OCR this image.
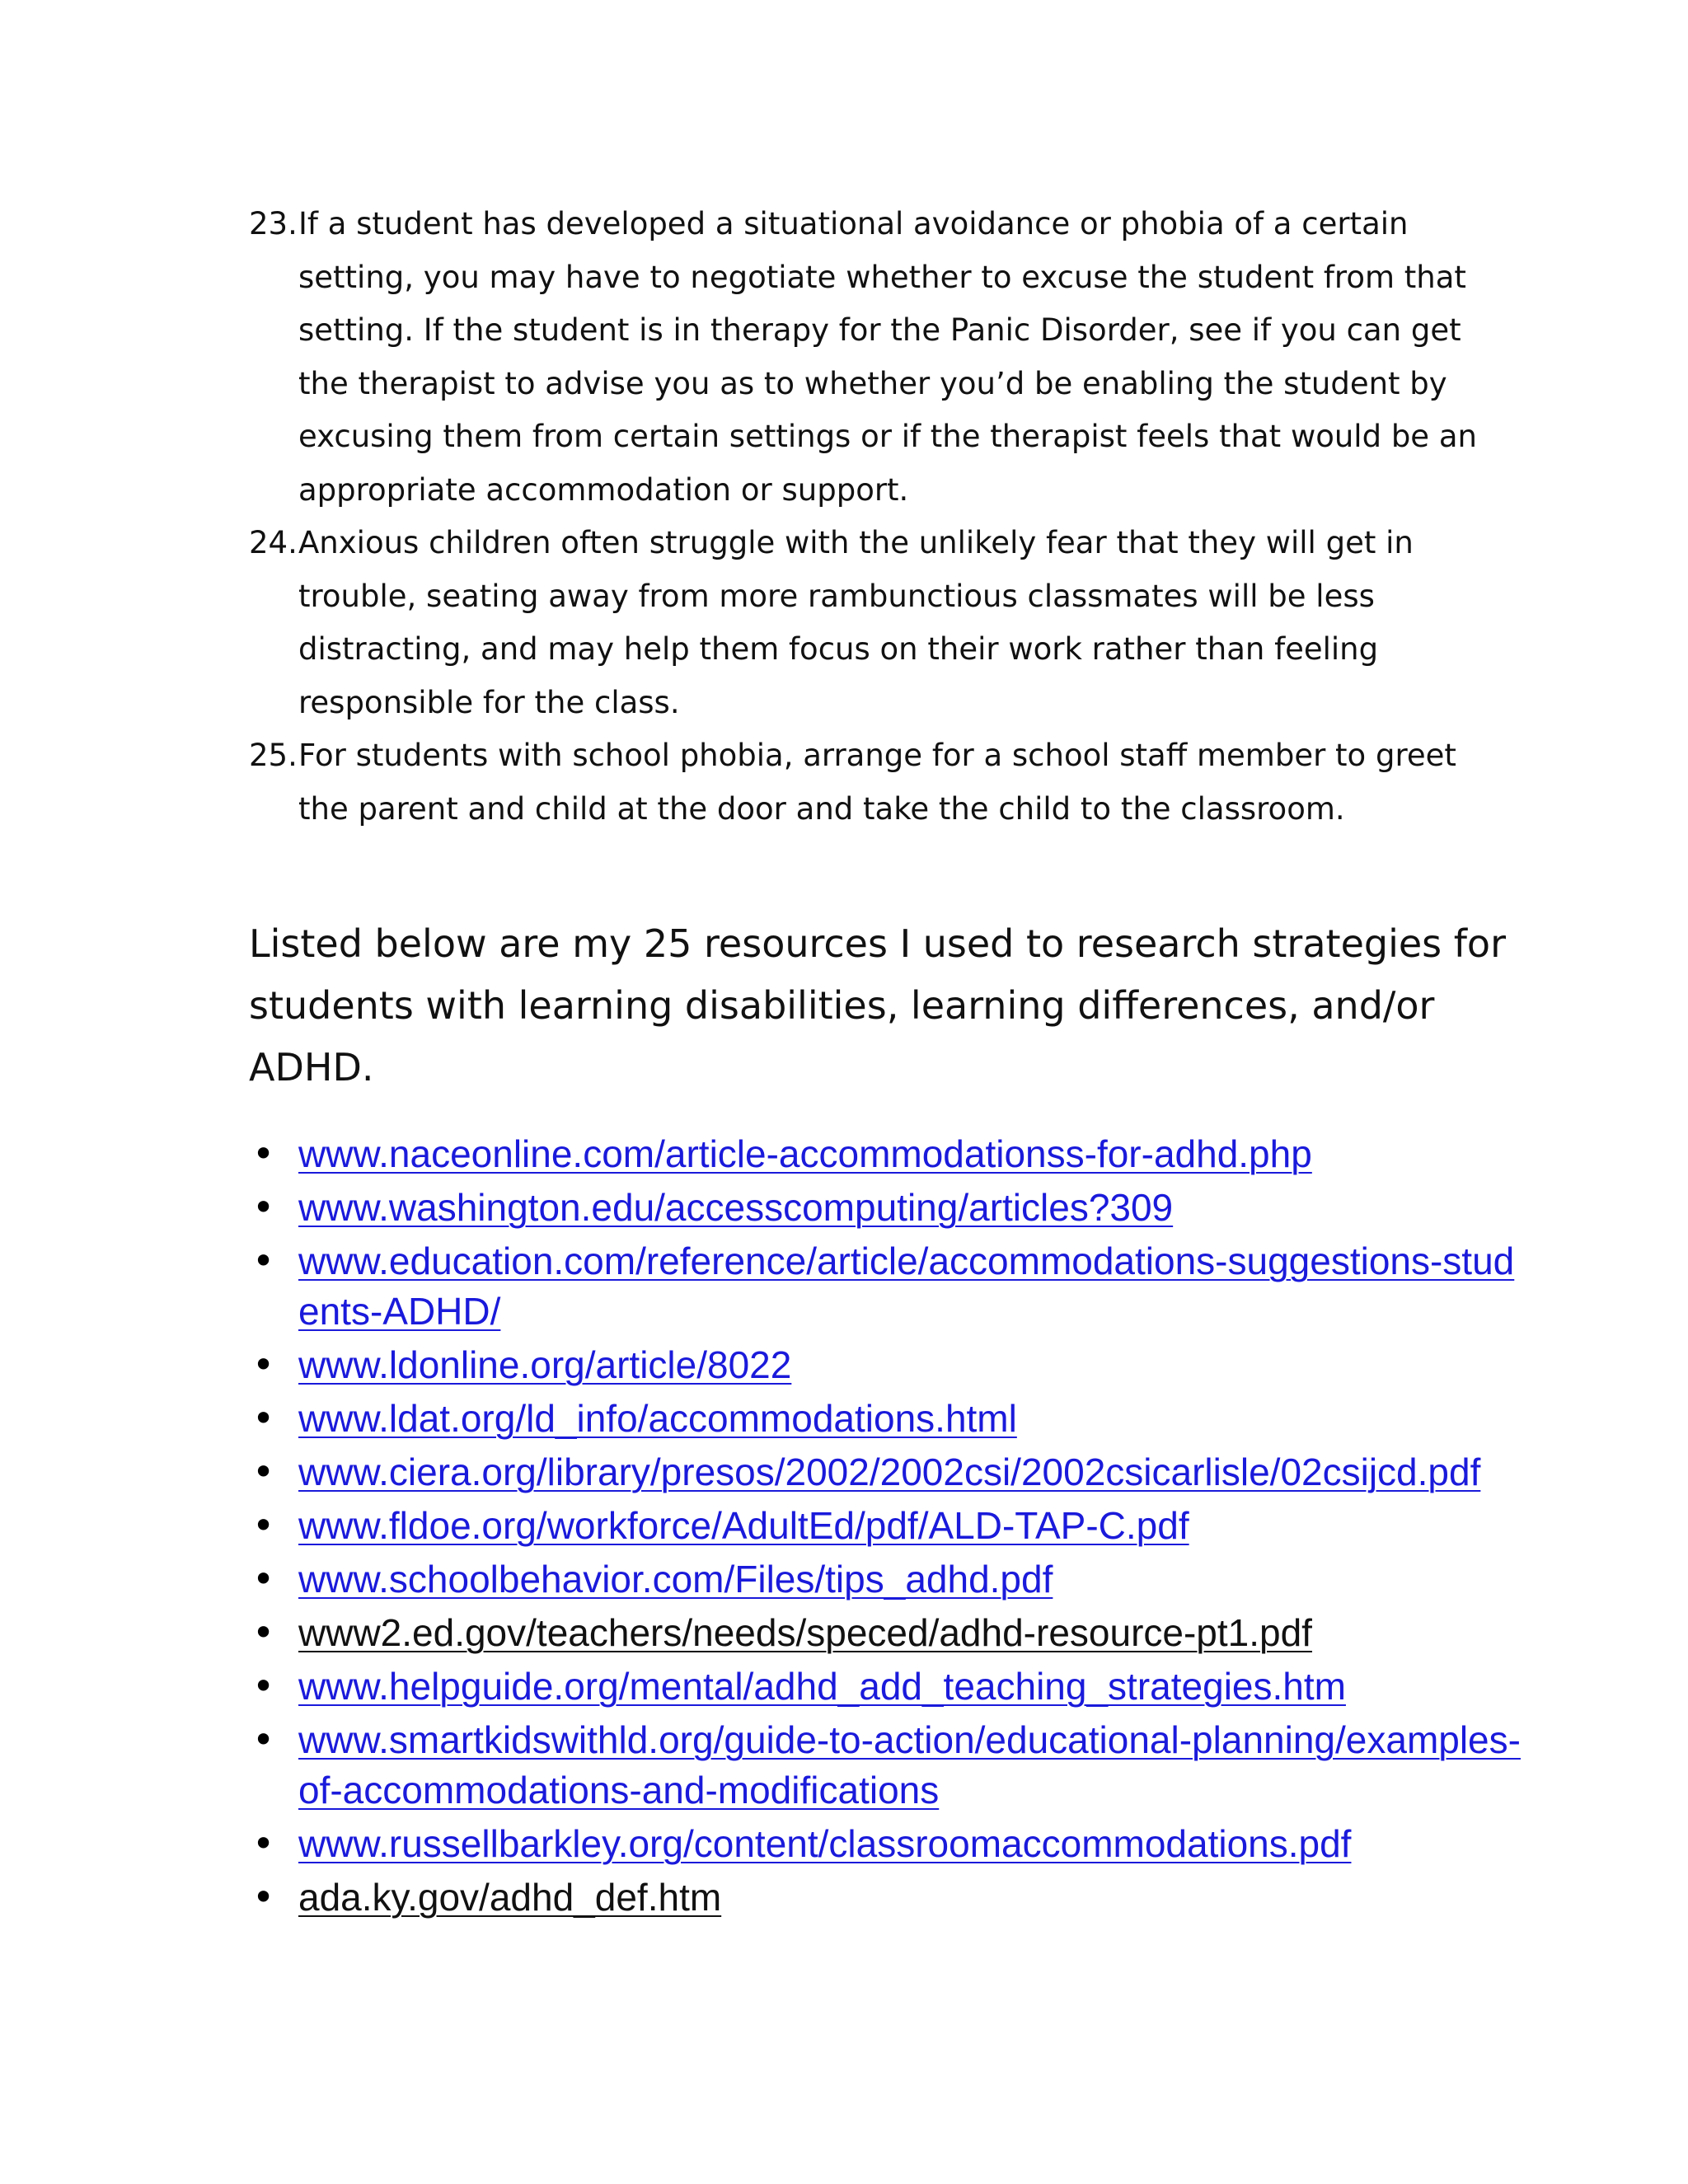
23. If a student has developed a situational avoidance or phobia of a certain setting, you may have to negotiate whether to excuse the student from that setting. If the student is in therapy for the Panic Disorder, see if you can get the therapist to advise you as to whether you’d be enabling the student by excusing them from certain settings or if the therapist feels that would be an appropriate accommodation or support.
24. Anxious children often struggle with the unlikely fear that they will get in trouble, seating away from more rambunctious classmates will be less distracting, and may help them focus on their work rather than feeling responsible for the class.
25. For students with school phobia, arrange for a school staff member to greet the parent and child at the door and take the child to the classroom.
Listed below are my 25 resources I used to research strategies for students with learning disabilities, learning differences, and/or ADHD.
• www.naceonline.com/article-accommodationss-for-adhd.php
• www.washington.edu/accesscomputing/articles?309
• www.education.com/reference/article/accommodations-suggestions-students-ADHD/
• www.ldonline.org/article/8022
• www.ldat.org/ld_info/accommodations.html
• www.ciera.org/library/presos/2002/2002csi/2002csicarlisle/02csijcd.pdf
• www.fldoe.org/workforce/AdultEd/pdf/ALD-TAP-C.pdf
• www.schoolbehavior.com/Files/tips_adhd.pdf
• www2.ed.gov/teachers/needs/speced/adhd-resource-pt1.pdf
• www.helpguide.org/mental/adhd_add_teaching_strategies.htm
• www.smartkidswithld.org/guide-to-action/educational-planning/examples-of-accommodations-and-modifications
• www.russellbarkley.org/content/classroomaccommodations.pdf
• ada.ky.gov/adhd_def.htm
